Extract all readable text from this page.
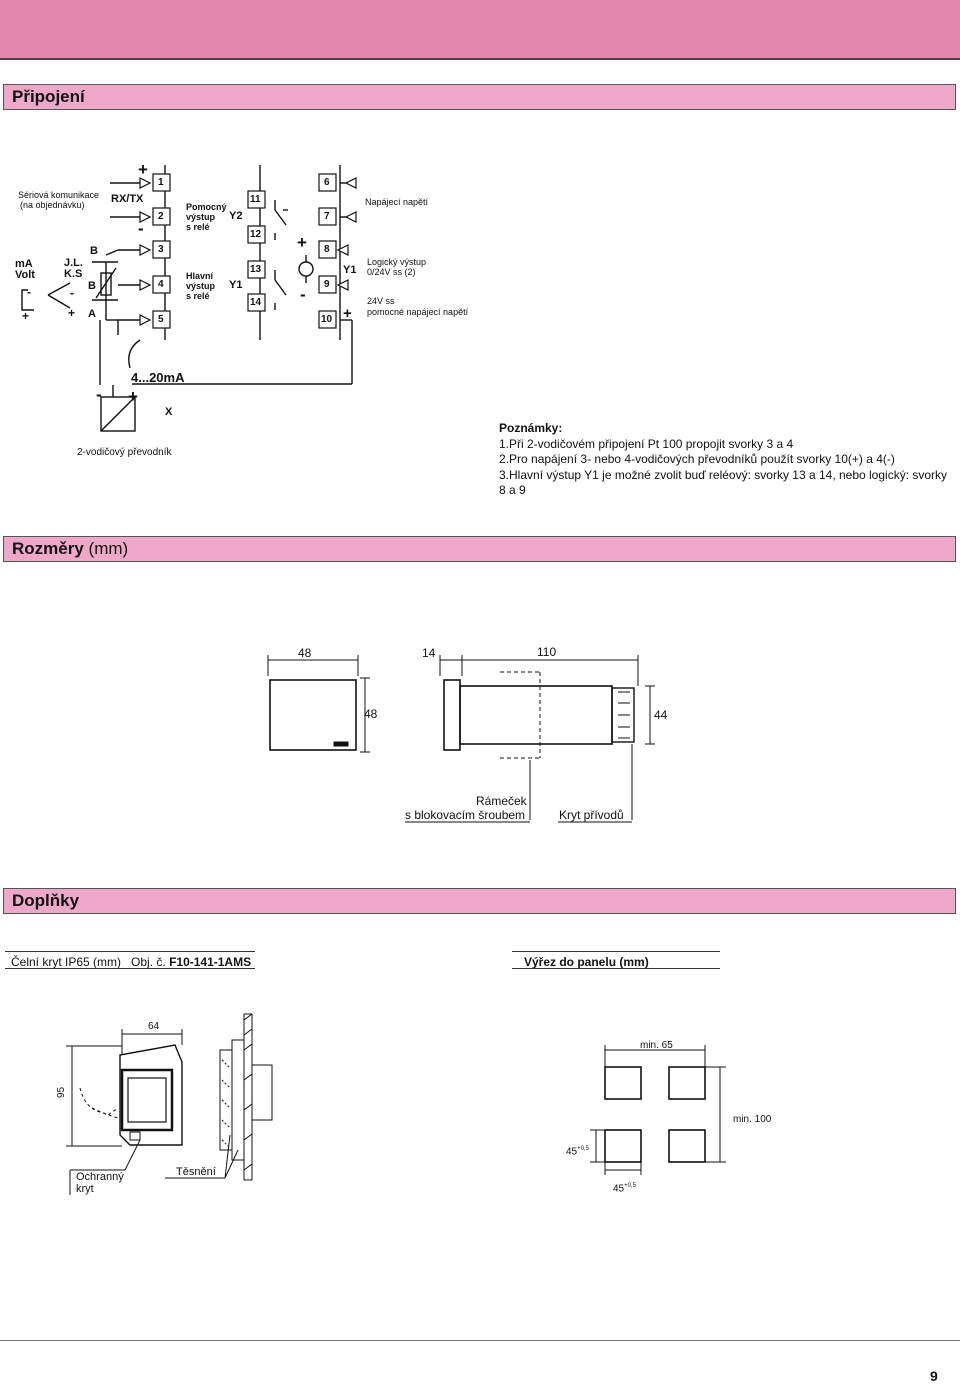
Připojení
Rozměry (mm)
Doplňky
+
-
+
-
+
- +
-
+
-
+
1
2
3
4
5
11
12
13
14
6
7
8
9
10
Sériová komunikace
(na objednávku) RX/TX
Pomocný
výstup
s relé
Hlavní
výstup
s relé
Y2
Y1
Y1
Napájecí napětí
Logický výstup
0/24V ss (2)
24V ss
pomocné napájecí napětí
mA
Volt
J.L.
K.S
B
B
A
4...20mA
X
2-vodičový převodník
Poznámky:
1.Při 2-vodičovém připojení Pt 100 propojit svorky 3 a 4
2.Pro napájení 3- nebo 4-vodičových převodníků použít svorky 10(+) a 4(-)
3.Hlavní výstup Y1 je možné zvolit buď reléový: svorky 13 a 14, nebo logický: svorky 8 a 9
48
48
14	110
44
Rámeček
s blokovacím šroubem	Kryt přívodů
Čelní kryt IP65 (mm) Obj. č. F10-141-1AMS	Výřez do panelu (mm)
64
95
Ochranný
kryt
Těsnění
min. 65
min. 100
$45^{+0,5}$
$45^{+0,5}$
9
